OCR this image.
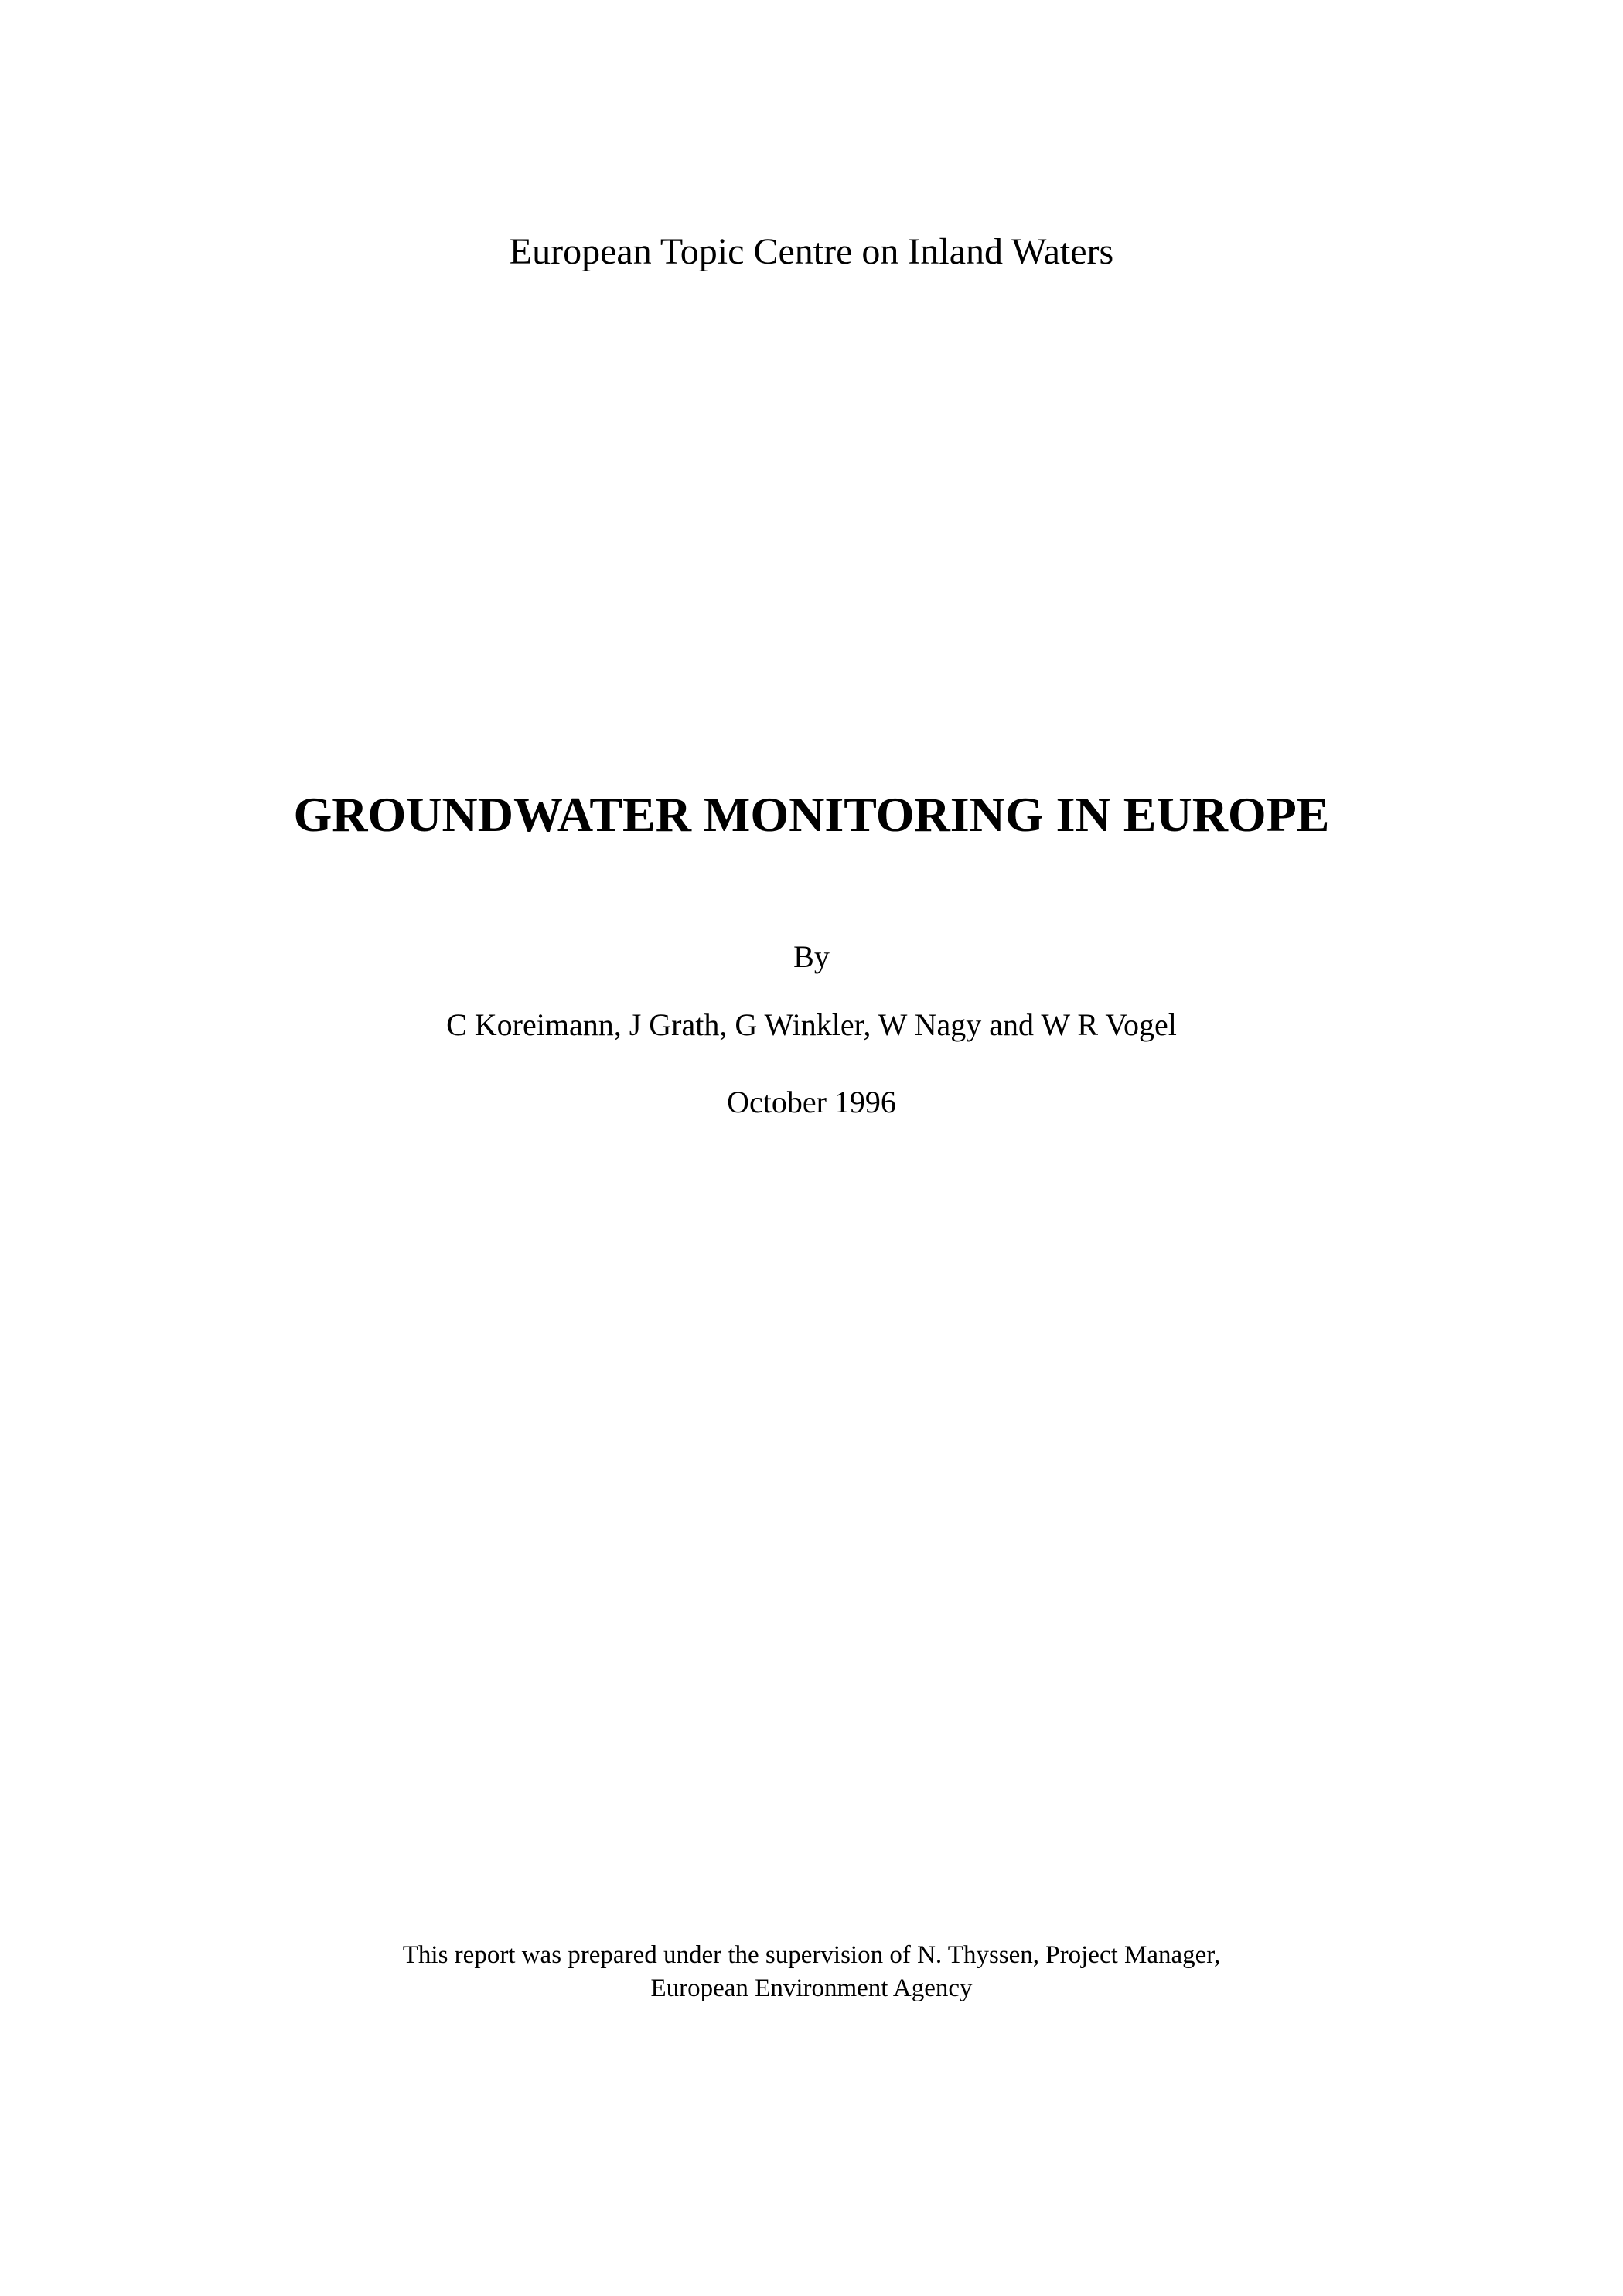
European Topic Centre on Inland Waters
GROUNDWATER MONITORING IN EUROPE
By
C Koreimann, J Grath, G Winkler, W Nagy and W R Vogel
October 1996
This report was prepared under the supervision of N. Thyssen, Project Manager,
European Environment Agency
